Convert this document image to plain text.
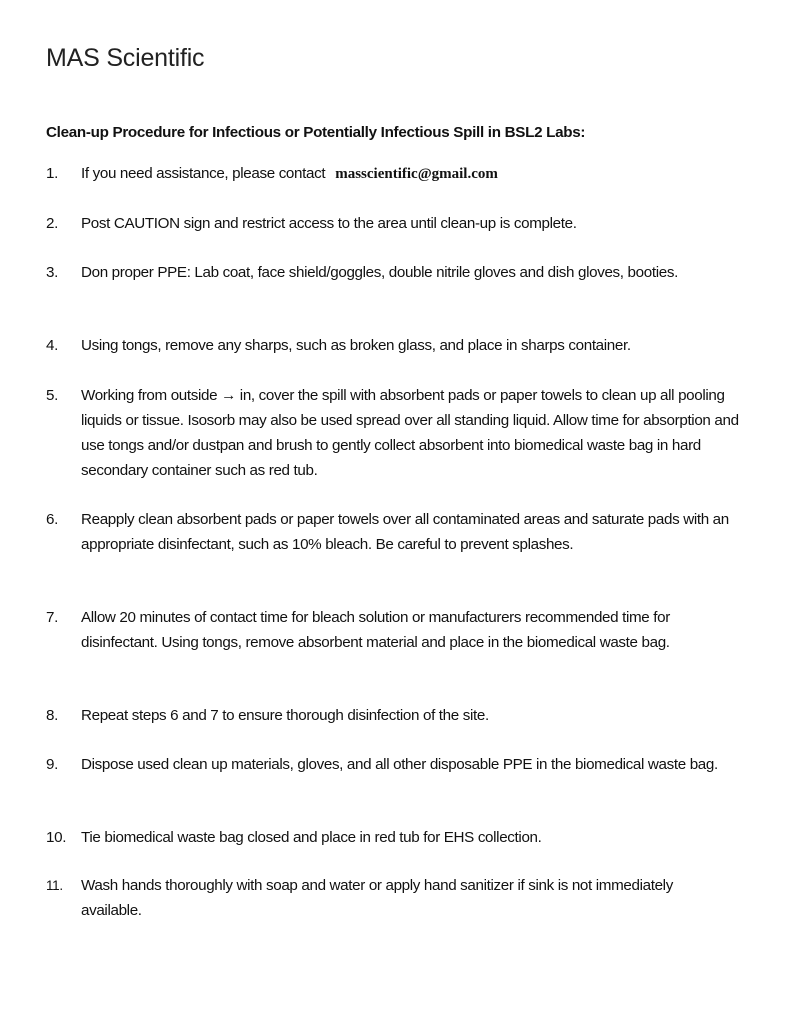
MAS Scientific
Clean-up Procedure for Infectious or Potentially Infectious Spill in BSL2 Labs:
1.	If you need assistance, please contact masscientific@gmail.com
2.	Post CAUTION sign and restrict access to the area until clean-up is complete.
3.	Don proper PPE: Lab coat, face shield/goggles, double nitrile gloves and dish gloves, booties.
4.	Using tongs, remove any sharps, such as broken glass, and place in sharps container.
5.	Working from outside → in, cover the spill with absorbent pads or paper towels to clean up all pooling liquids or tissue. Isosorb may also be used spread over all standing liquid. Allow time for absorption and use tongs and/or dustpan and brush to gently collect absorbent into biomedical waste bag in hard secondary container such as red tub.
6.	Reapply clean absorbent pads or paper towels over all contaminated areas and saturate pads with an appropriate disinfectant, such as 10% bleach. Be careful to prevent splashes.
7.	Allow 20 minutes of contact time for bleach solution or manufacturers recommended time for disinfectant. Using tongs, remove absorbent material and place in the biomedical waste bag.
8.	Repeat steps 6 and 7 to ensure thorough disinfection of the site.
9.	Dispose used clean up materials, gloves, and all other disposable PPE in the biomedical waste bag.
10. Tie biomedical waste bag closed and place in red tub for EHS collection.
11.	Wash hands thoroughly with soap and water or apply hand sanitizer if sink is not immediately available.
